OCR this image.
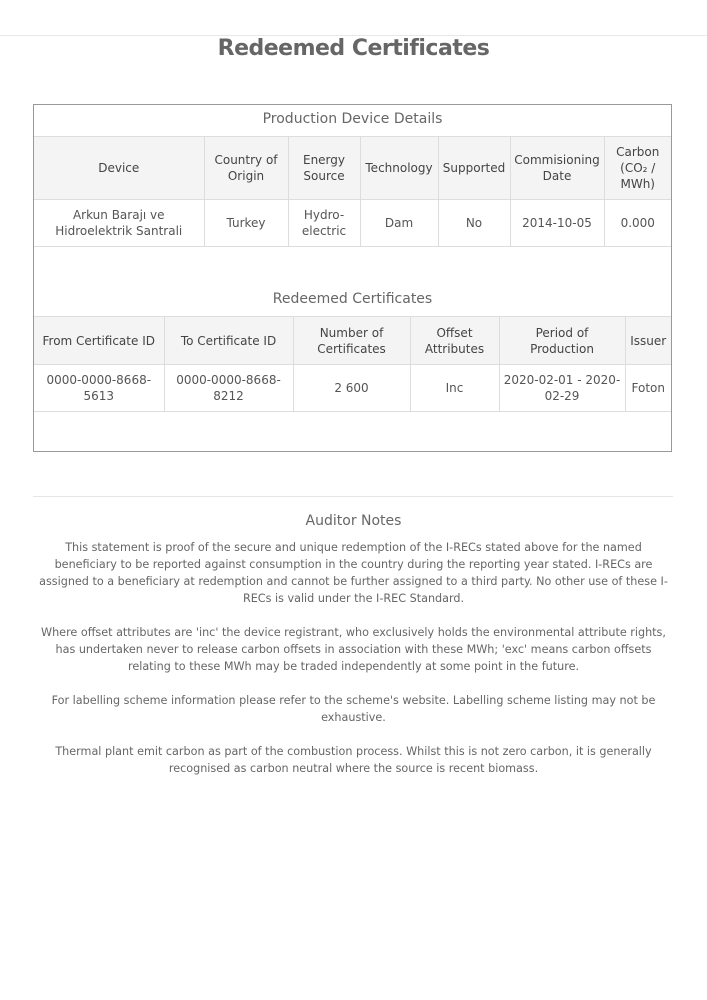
Redeemed Certificates
Production Device Details
Device	Country of Origin	Energy Source	Technology	Supported	Commisioning Date	Carbon (CO₂ / MWh)
Arkun Barajı ve Hidroelektrik Santrali	Turkey	Hydro-electric	Dam	No	2014-10-05	0.000
Redeemed Certificates
From Certificate ID	To Certificate ID	Number of Certificates	Offset Attributes	Period of Production	Issuer
0000-0000-8668-5613	0000-0000-8668-8212	2 600	Inc	2020-02-01 - 2020-02-29	Foton
Auditor Notes

This statement is proof of the secure and unique redemption of the I-RECs stated above for the named beneficiary to be reported against consumption in the country during the reporting year stated. I-RECs are assigned to a beneficiary at redemption and cannot be further assigned to a third party. No other use of these I-RECs is valid under the I-REC Standard.

Where offset attributes are 'inc' the device registrant, who exclusively holds the environmental attribute rights, has undertaken never to release carbon offsets in association with these MWh; 'exc' means carbon offsets relating to these MWh may be traded independently at some point in the future.

For labelling scheme information please refer to the scheme's website. Labelling scheme listing may not be exhaustive.

Thermal plant emit carbon as part of the combustion process. Whilst this is not zero carbon, it is generally recognised as carbon neutral where the source is recent biomass.
